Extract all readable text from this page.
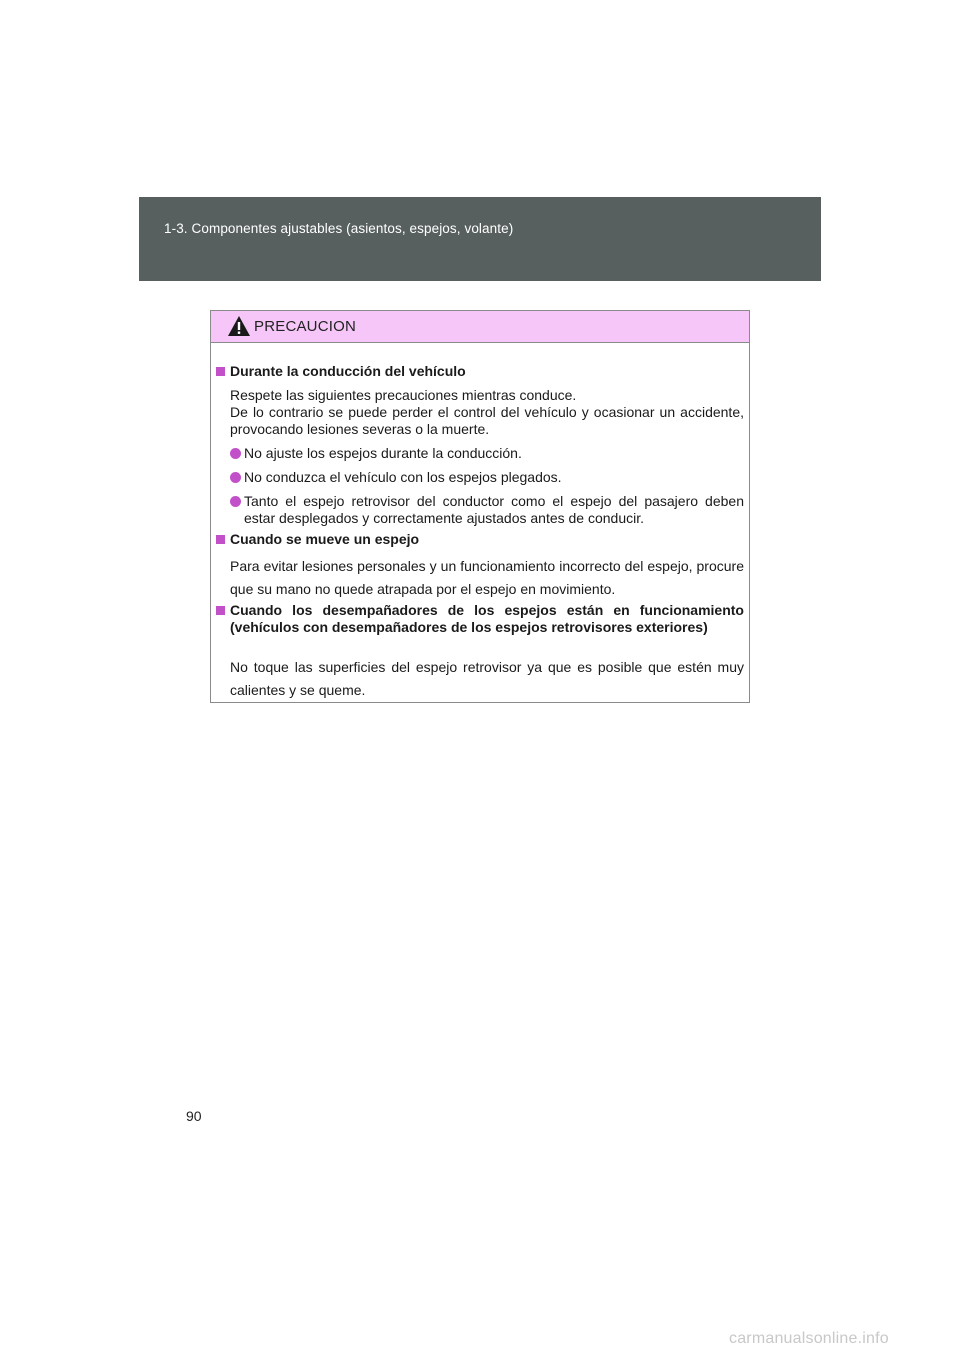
1-3. Componentes ajustables (asientos, espejos, volante)
PRECAUCION
Durante la conducción del vehículo
Respete las siguientes precauciones mientras conduce.
De lo contrario se puede perder el control del vehículo y ocasionar un accidente, provocando lesiones severas o la muerte.
No ajuste los espejos durante la conducción.
No conduzca el vehículo con los espejos plegados.
Tanto el espejo retrovisor del conductor como el espejo del pasajero deben estar desplegados y correctamente ajustados antes de conducir.
Cuando se mueve un espejo
Para evitar lesiones personales y un funcionamiento incorrecto del espejo, procure que su mano no quede atrapada por el espejo en movimiento.
Cuando los desempañadores de los espejos están en funcionamiento (vehículos con desempañadores de los espejos retrovisores exteriores)
No toque las superficies del espejo retrovisor ya que es posible que estén muy calientes y se queme.
90
carmanualsonline.info
